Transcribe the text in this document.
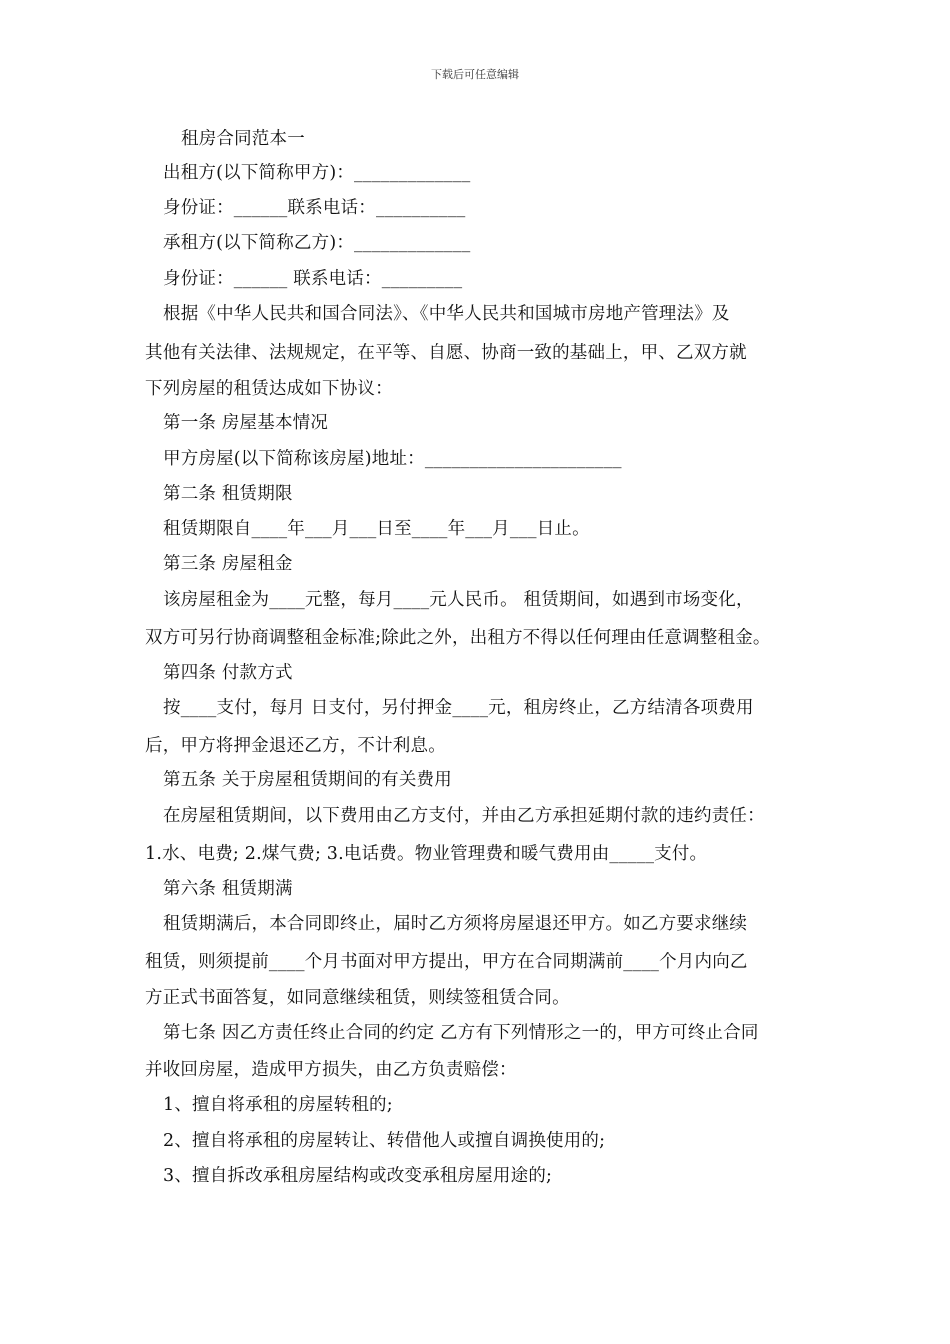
下载后可任意编辑
租房合同范本一
出租方(以下简称甲方)：_____________
身份证：______联系电话：__________
承租方(以下简称乙方)：_____________
身份证：______ 联系电话：_________
根据《中华人民共和国合同法》、《中华人民共和国城市房地产管理法》及
其他有关法律、法规规定，在平等、自愿、协商一致的基础上，甲、乙双方就
下列房屋的租赁达成如下协议：
第一条 房屋基本情况
甲方房屋(以下简称该房屋)地址：______________________
第二条 租赁期限
租赁期限自____年___月___日至____年___月___日止。
第三条 房屋租金
该房屋租金为____元整，每月____元人民币。 租赁期间，如遇到市场变化，
双方可另行协商调整租金标准;除此之外，出租方不得以任何理由任意调整租金。
第四条 付款方式
按____支付，每月 日支付，另付押金____元，租房终止，乙方结清各项费用
后，甲方将押金退还乙方，不计利息。
第五条 关于房屋租赁期间的有关费用
在房屋租赁期间，以下费用由乙方支付，并由乙方承担延期付款的违约责任：
1.水、电费; 2.煤气费; 3.电话费。物业管理费和暖气费用由_____支付。
第六条 租赁期满
租赁期满后，本合同即终止，届时乙方须将房屋退还甲方。如乙方要求继续
租赁，则须提前____个月书面对甲方提出，甲方在合同期满前____个月内向乙
方正式书面答复，如同意继续租赁，则续签租赁合同。
第七条 因乙方责任终止合同的约定 乙方有下列情形之一的，甲方可终止合同
并收回房屋，造成甲方损失，由乙方负责赔偿：
1、擅自将承租的房屋转租的;
2、擅自将承租的房屋转让、转借他人或擅自调换使用的;
3、擅自拆改承租房屋结构或改变承租房屋用途的;
